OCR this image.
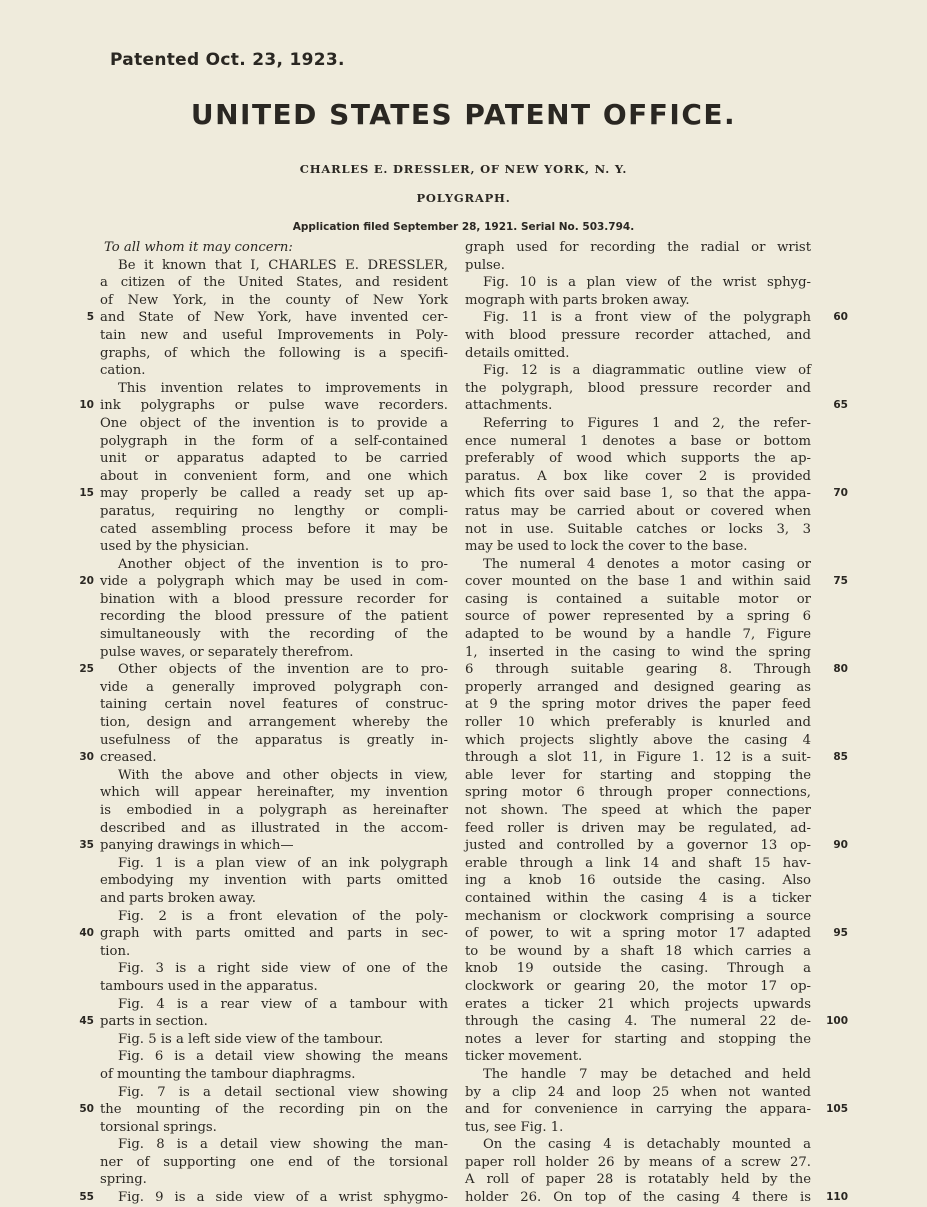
Patented Oct. 23, 1923.
UNITED STATES PATENT OFFICE.
CHARLES E. DRESSLER, OF NEW YORK, N. Y.
POLYGRAPH.
Application filed September 28, 1921. Serial No. 503.794.
To all whom it may concern:
Be it known that I, CHARLES E. DRESSLER,
a citizen of the United States, and resident
of New York, in the county of New York
and State of New York, have invented cer-
tain new and useful Improvements in Poly-
graphs, of which the following is a specifi-
cation.
This invention relates to improvements in
ink polygraphs or pulse wave recorders.
One object of the invention is to provide a
polygraph in the form of a self-contained
unit or apparatus adapted to be carried
about in convenient form, and one which
may properly be called a ready set up ap-
paratus, requiring no lengthy or compli-
cated assembling process before it may be
used by the physician.
Another object of the invention is to pro-
vide a polygraph which may be used in com-
bination with a blood pressure recorder for
recording the blood pressure of the patient
simultaneously with the recording of the
pulse waves, or separately therefrom.
Other objects of the invention are to pro-
vide a generally improved polygraph con-
taining certain novel features of construc-
tion, design and arrangement whereby the
usefulness of the apparatus is greatly in-
creased.
With the above and other objects in view,
which will appear hereinafter, my invention
is embodied in a polygraph as hereinafter
described and as illustrated in the accom-
panying drawings in which—
Fig. 1 is a plan view of an ink polygraph
embodying my invention with parts omitted
and parts broken away.
Fig. 2 is a front elevation of the poly-
graph with parts omitted and parts in sec-
tion.
Fig. 3 is a right side view of one of the
tambours used in the apparatus.
Fig. 4 is a rear view of a tambour with
parts in section.
Fig. 5 is a left side view of the tambour.
Fig. 6 is a detail view showing the means
of mounting the tambour diaphragms.
Fig. 7 is a detail sectional view showing
the mounting of the recording pin on the
torsional springs.
Fig. 8 is a detail view showing the man-
ner of supporting one end of the torsional
spring.
Fig. 9 is a side view of a wrist sphygmo-
graph used for recording the radial or wrist
pulse.
Fig. 10 is a plan view of the wrist sphyg-
mograph with parts broken away.
Fig. 11 is a front view of the polygraph
with blood pressure recorder attached, and
details omitted.
Fig. 12 is a diagrammatic outline view of
the polygraph, blood pressure recorder and
attachments.
Referring to Figures 1 and 2, the refer-
ence numeral 1 denotes a base or bottom
preferably of wood which supports the ap-
paratus. A box like cover 2 is provided
which fits over said base 1, so that the appa-
ratus may be carried about or covered when
not in use. Suitable catches or locks 3, 3
may be used to lock the cover to the base.
The numeral 4 denotes a motor casing or
cover mounted on the base 1 and within said
casing is contained a suitable motor or
source of power represented by a spring 6
adapted to be wound by a handle 7, Figure
1, inserted in the casing to wind the spring
6 through suitable gearing 8. Through
properly arranged and designed gearing as
at 9 the spring motor drives the paper feed
roller 10 which preferably is knurled and
which projects slightly above the casing 4
through a slot 11, in Figure 1. 12 is a suit-
able lever for starting and stopping the
spring motor 6 through proper connections,
not shown. The speed at which the paper
feed roller is driven may be regulated, ad-
justed and controlled by a governor 13 op-
erable through a link 14 and shaft 15 hav-
ing a knob 16 outside the casing. Also
contained within the casing 4 is a ticker
mechanism or clockwork comprising a source
of power, to wit a spring motor 17 adapted
to be wound by a shaft 18 which carries a
knob 19 outside the casing. Through a
clockwork or gearing 20, the motor 17 op-
erates a ticker 21 which projects upwards
through the casing 4. The numeral 22 de-
notes a lever for starting and stopping the
ticker movement.
The handle 7 may be detached and held
by a clip 24 and loop 25 when not wanted
and for convenience in carrying the appara-
tus, see Fig. 1.
On the casing 4 is detachably mounted a
paper roll holder 26 by means of a screw 27.
A roll of paper 28 is rotatably held by the
holder 26. On top of the casing 4 there is
5
10
15
20
25
30
35
40
45
50
55
60
65
70
75
80
85
90
95
100
105
110
